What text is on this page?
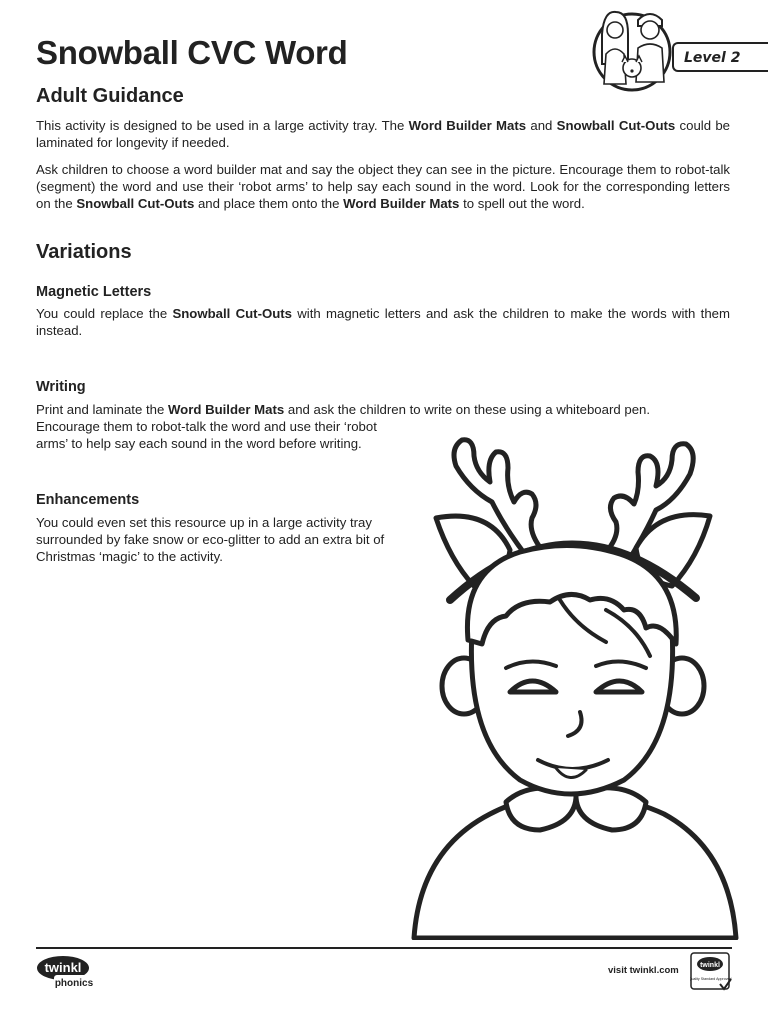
Snowball CVC Word	Level 2
Adult Guidance

This activity is designed to be used in a large activity tray. The Word Builder Mats and Snowball Cut-Outs could be laminated for longevity if needed.

Ask children to choose a word builder mat and say the object they can see in the picture. Encourage them to robot-talk (segment) the word and use their ‘robot arms’ to help say each sound in the word. Look for the corresponding letters on the Snowball Cut-Outs and place them onto the Word Builder Mats to spell out the word.

Variations
Magnetic Letters

You could replace the Snowball Cut-Outs with magnetic letters and ask the children to make the words with them instead.

Writing

Print and laminate the Word Builder Mats and ask the children to write on these using a whiteboard pen.

Encourage them to robot-talk the word and use their ‘robot arms’ to help say each sound in the word before writing.

Enhancements

You could even set this resource up in a large activity tray surrounded by fake snow or eco-glitter to add an extra bit of Christmas ‘magic’ to the activity.

twinkl
phonics
visit twinkl.com	twinkl
Quality Standard Approved
